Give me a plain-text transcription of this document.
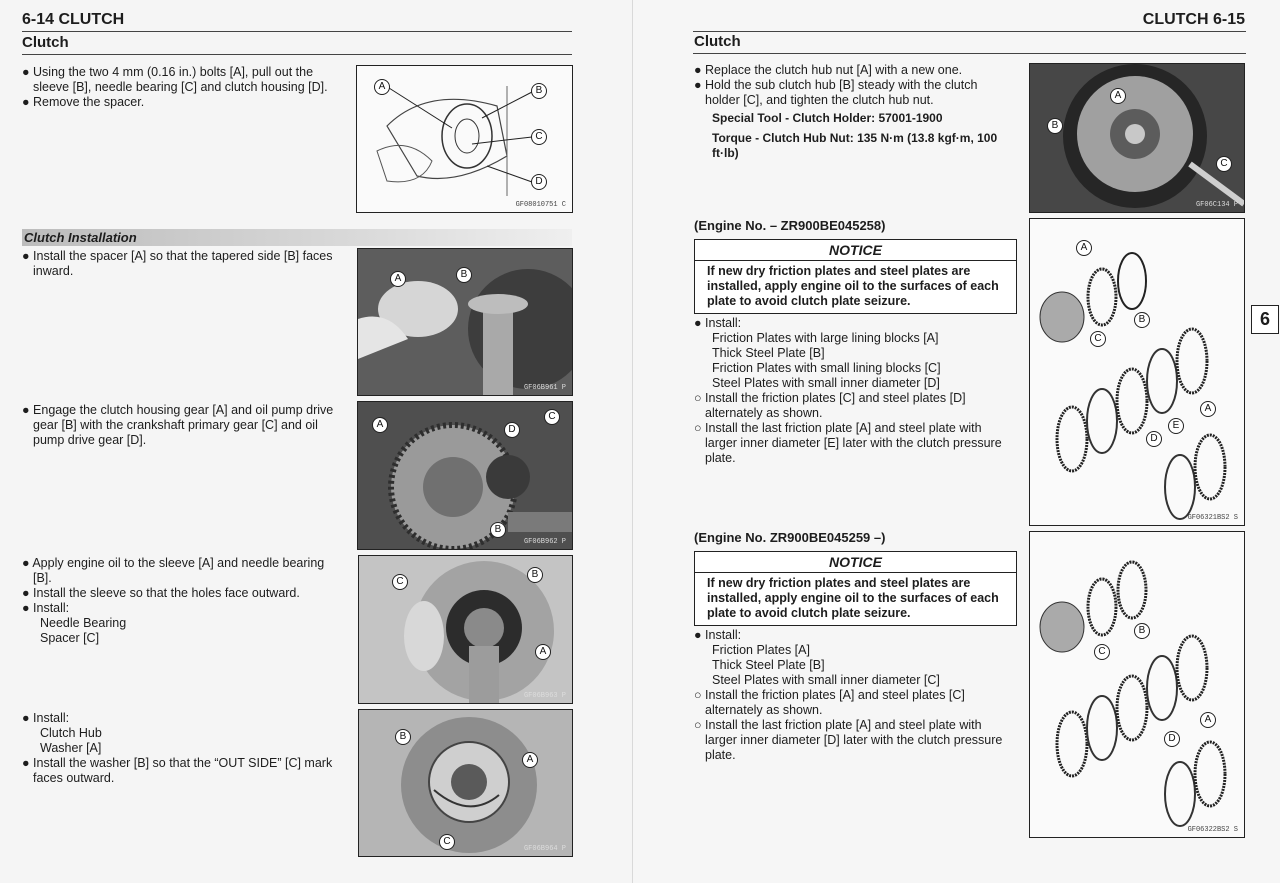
6-14 CLUTCH
Clutch

● Using the two 4 mm (0.16 in.) bolts [A], pull out the sleeve [B], needle bearing [C] and clutch housing [D].

● Remove the spacer.

A	B
C
D
GF08010751 C
Clutch Installation

● Install the spacer [A] so that the tapered side [B] faces inward.

A	B
GF06B961 P

● Engage the clutch housing gear [A] and oil pump drive gear [B] with the crankshaft primary gear [C] and oil pump drive gear [D].

A
B
C
D
GF06B962 P

● Apply engine oil to the sleeve [A] and needle bearing [B].

● Install the sleeve so that the holes face outward.

● Install:

Needle Bearing

Spacer [C]

C
B
A
GF06B963 P

● Install:

Clutch Hub

Washer [A]

● Install the washer [B] so that the “OUT SIDE” [C] mark faces outward.

B
A
C
GF06B964 P
CLUTCH 6-15
Clutch

● Replace the clutch hub nut [A] with a new one.

● Hold the sub clutch hub [B] steady with the clutch holder [C], and tighten the clutch hub nut.

Special Tool - Clutch Holder: 57001-1900

Torque - Clutch Hub Nut: 135 N·m (13.8 kgf·m, 100 ft·lb)

A
B
C
GF06C134 P
(Engine No. – ZR900BE045258)
NOTICE
If new dry friction plates and steel plates are installed, apply engine oil to the surfaces of each plate to avoid clutch plate seizure.

● Install:

Friction Plates with large lining blocks [A]

Thick Steel Plate [B]

Friction Plates with small lining blocks [C]

Steel Plates with small inner diameter [D]

○ Install the friction plates [C] and steel plates [D] alternately as shown.

○ Install the last friction plate [A] and steel plate with larger inner diameter [E] later with the clutch pressure plate.

A
B
C
D
E
A
GF06321BS2 S
(Engine No. ZR900BE045259 –)
NOTICE
If new dry friction plates and steel plates are installed, apply engine oil to the surfaces of each plate to avoid clutch plate seizure.

● Install:

Friction Plates [A]

Thick Steel Plate [B]

Steel Plates with small inner diameter [C]

○ Install the friction plates [A] and steel plates [C] alternately as shown.

○ Install the last friction plate [A] and steel plate with larger inner diameter [D] later with the clutch pressure plate.

B
C
D
A
GF06322BS2 S
6
